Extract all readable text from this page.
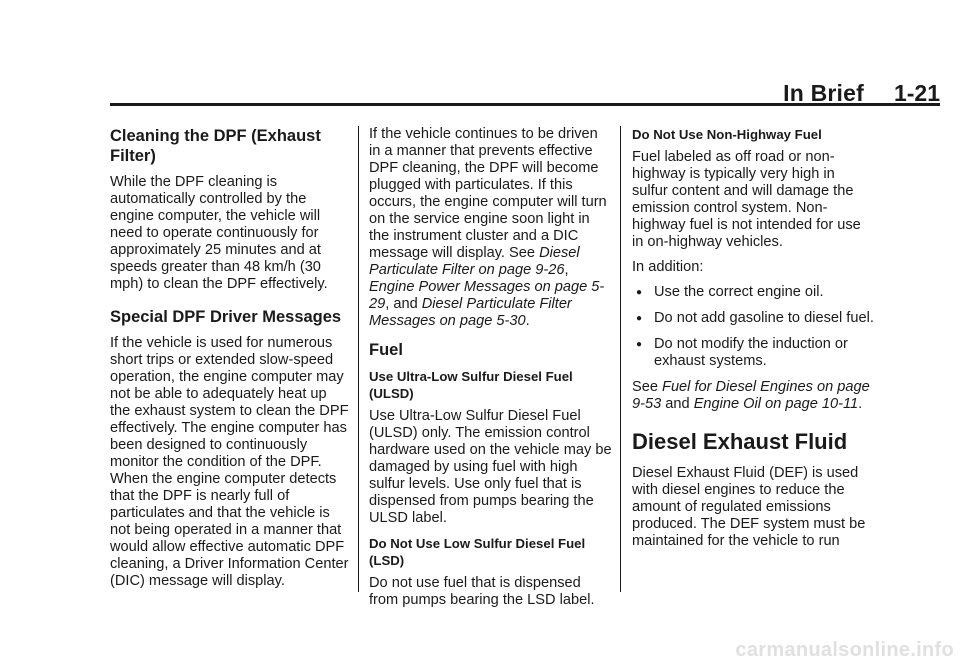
In Brief 1-21
Cleaning the DPF (Exhaust Filter)

While the DPF cleaning is automatically controlled by the engine computer, the vehicle will need to operate continuously for approximately 25 minutes and at speeds greater than 48 km/h (30 mph) to clean the DPF effectively.

Special DPF Driver Messages

If the vehicle is used for numerous short trips or extended slow-speed operation, the engine computer may not be able to adequately heat up the exhaust system to clean the DPF effectively. The engine computer has been designed to continuously monitor the condition of the DPF. When the engine computer detects that the DPF is nearly full of particulates and that the vehicle is not being operated in a manner that would allow effective automatic DPF cleaning, a Driver Information Center (DIC) message will display.

If the vehicle continues to be driven in a manner that prevents effective DPF cleaning, the DPF will become plugged with particulates. If this occurs, the engine computer will turn on the service engine soon light in the instrument cluster and a DIC message will display. See Diesel Particulate Filter on page 9-26, Engine Power Messages on page 5-29, and Diesel Particulate Filter Messages on page 5-30.

Fuel
Use Ultra-Low Sulfur Diesel Fuel (ULSD)

Use Ultra-Low Sulfur Diesel Fuel (ULSD) only. The emission control hardware used on the vehicle may be damaged by using fuel with high sulfur levels. Use only fuel that is dispensed from pumps bearing the ULSD label.

Do Not Use Low Sulfur Diesel Fuel (LSD)

Do not use fuel that is dispensed from pumps bearing the LSD label.

Do Not Use Non-Highway Fuel

Fuel labeled as off road or non-highway is typically very high in sulfur content and will damage the emission control system. Non-highway fuel is not intended for use in on-highway vehicles.

In addition:

● Use the correct engine oil.
● Do not add gasoline to diesel fuel.
● Do not modify the induction or exhaust systems.

See Fuel for Diesel Engines on page 9-53 and Engine Oil on page 10-11.

Diesel Exhaust Fluid

Diesel Exhaust Fluid (DEF) is used with diesel engines to reduce the amount of regulated emissions produced. The DEF system must be maintained for the vehicle to run

carmanualsonline.info
